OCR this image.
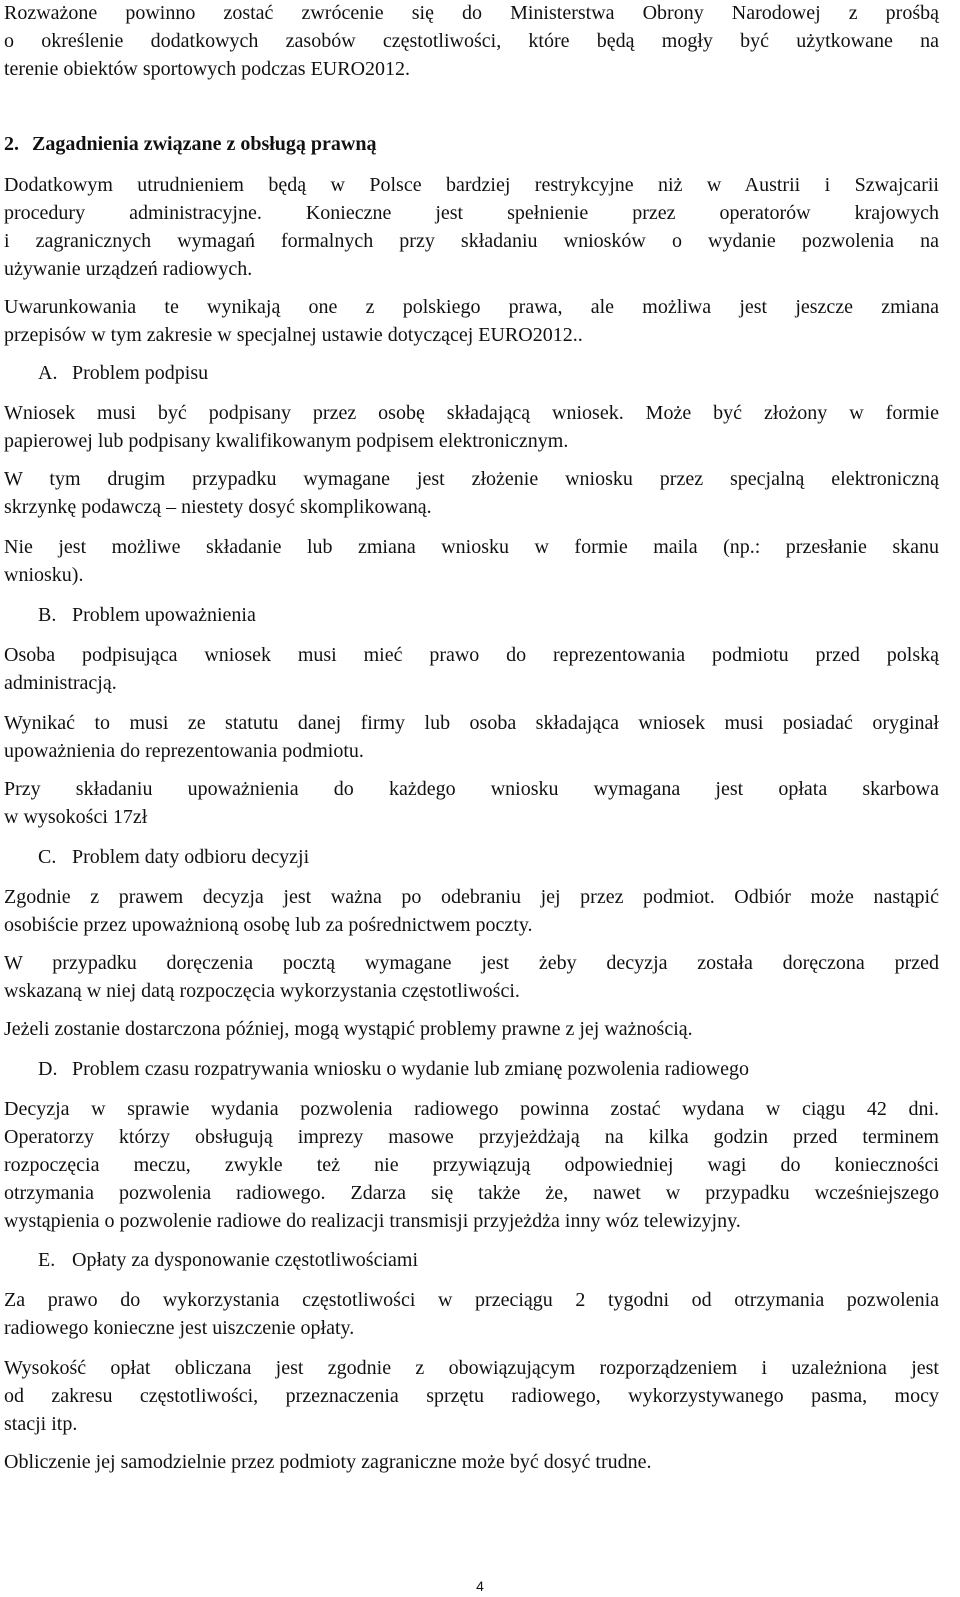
Rozważone powinno zostać zwrócenie się do Ministerstwa Obrony Narodowej z prośbą
o określenie dodatkowych zasobów częstotliwości, które będą mogły być użytkowane na
terenie obiektów sportowych podczas EURO2012.
2. Zagadnienia związane z obsługą prawną
Dodatkowym utrudnieniem będą w Polsce bardziej restrykcyjne niż w Austrii i Szwajcarii
procedury administracyjne. Konieczne jest spełnienie przez operatorów krajowych
i zagranicznych wymagań formalnych przy składaniu wniosków o wydanie pozwolenia na
używanie urządzeń radiowych.
Uwarunkowania te wynikają one z polskiego prawa, ale możliwa jest jeszcze zmiana
przepisów w tym zakresie w specjalnej ustawie dotyczącej EURO2012..
A. Problem podpisu
Wniosek musi być podpisany przez osobę składającą wniosek. Może być złożony w formie
papierowej lub podpisany kwalifikowanym podpisem elektronicznym.
W tym drugim przypadku wymagane jest złożenie wniosku przez specjalną elektroniczną
skrzynkę podawczą – niestety dosyć skomplikowaną.
Nie jest możliwe składanie lub zmiana wniosku w formie maila (np.: przesłanie skanu
wniosku).
B. Problem upoważnienia
Osoba podpisująca wniosek musi mieć prawo do reprezentowania podmiotu przed polską
administracją.
Wynikać to musi ze statutu danej firmy lub osoba składająca wniosek musi posiadać oryginał
upoważnienia do reprezentowania podmiotu.
Przy składaniu upoważnienia do każdego wniosku wymagana jest opłata skarbowa
w wysokości 17zł
C. Problem daty odbioru decyzji
Zgodnie z prawem decyzja jest ważna po odebraniu jej przez podmiot. Odbiór może nastąpić
osobiście przez upoważnioną osobę lub za pośrednictwem poczty.
W przypadku doręczenia pocztą wymagane jest żeby decyzja została doręczona przed
wskazaną w niej datą rozpoczęcia wykorzystania częstotliwości.
Jeżeli zostanie dostarczona później, mogą wystąpić problemy prawne z jej ważnością.
D. Problem czasu rozpatrywania wniosku o wydanie lub zmianę pozwolenia radiowego
Decyzja w sprawie wydania pozwolenia radiowego powinna zostać wydana w ciągu 42 dni.
Operatorzy którzy obsługują imprezy masowe przyjeżdżają na kilka godzin przed terminem
rozpoczęcia meczu, zwykle też nie przywiązują odpowiedniej wagi do konieczności
otrzymania pozwolenia radiowego. Zdarza się także że, nawet w przypadku wcześniejszego
wystąpienia o pozwolenie radiowe do realizacji transmisji przyjeżdża inny wóz telewizyjny.
E. Opłaty za dysponowanie częstotliwościami
Za prawo do wykorzystania częstotliwości w przeciągu 2 tygodni od otrzymania pozwolenia
radiowego konieczne jest uiszczenie opłaty.
Wysokość opłat obliczana jest zgodnie z obowiązującym rozporządzeniem i uzależniona jest
od zakresu częstotliwości, przeznaczenia sprzętu radiowego, wykorzystywanego pasma, mocy
stacji itp.
Obliczenie jej samodzielnie przez podmioty zagraniczne może być dosyć trudne.
4
